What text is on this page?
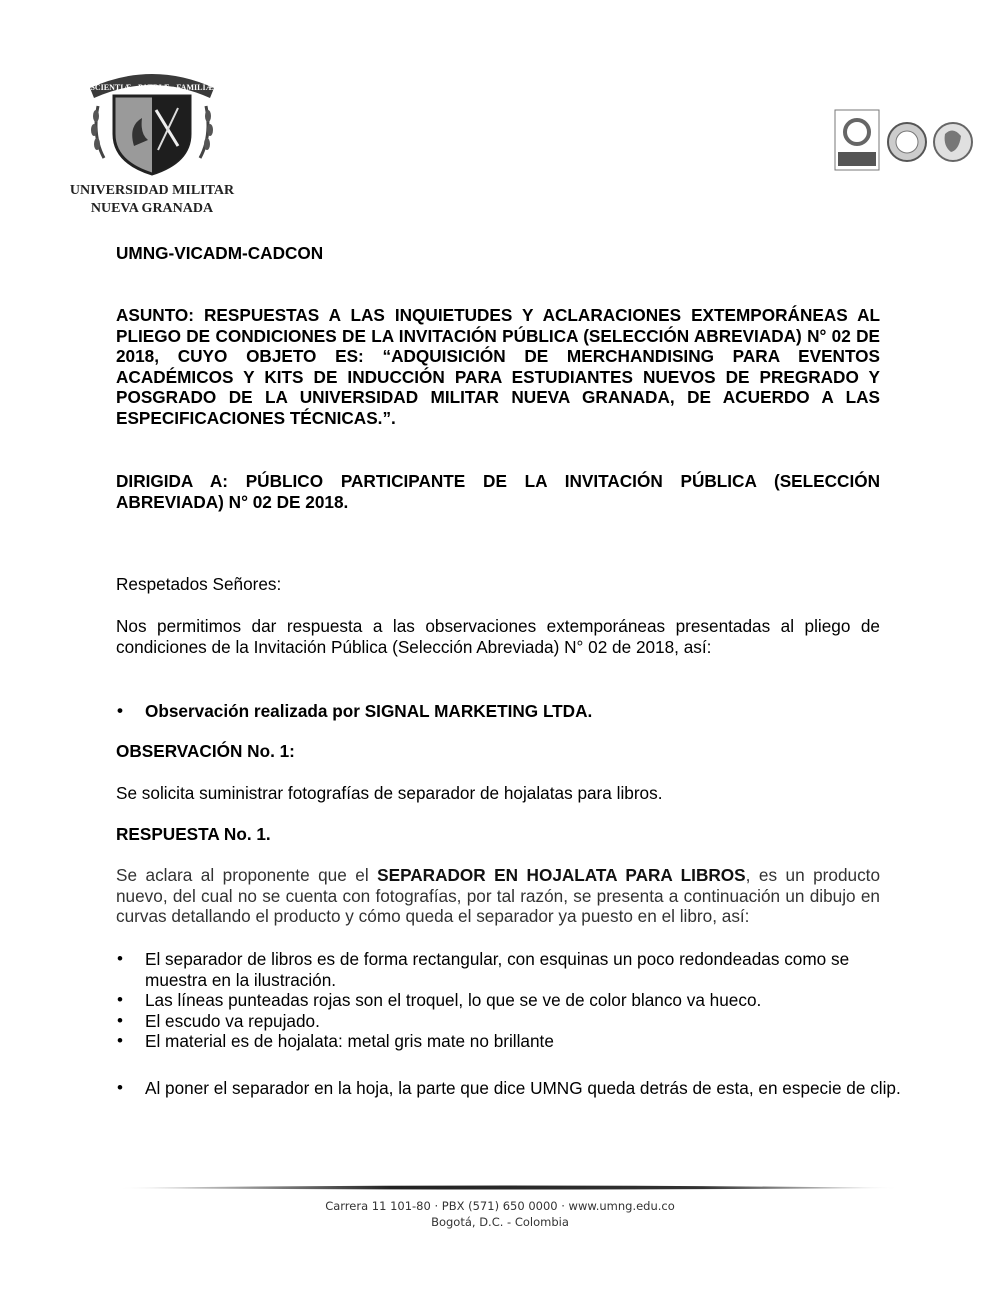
SCIENTIÆ · PATRIÆ · FAMILIÆ
UNIVERSIDAD MILITAR
NUEVA GRANADA
UMNG-VICADM-CADCON
ASUNTO: RESPUESTAS A LAS INQUIETUDES Y ACLARACIONES EXTEMPORÁNEAS AL PLIEGO DE CONDICIONES DE LA INVITACIÓN PÚBLICA (SELECCIÓN ABREVIADA) N° 02 DE 2018, CUYO OBJETO ES: “ADQUISICIÓN DE MERCHANDISING PARA EVENTOS ACADÉMICOS Y KITS DE INDUCCIÓN PARA ESTUDIANTES NUEVOS DE PREGRADO Y POSGRADO DE LA UNIVERSIDAD MILITAR NUEVA GRANADA, DE ACUERDO A LAS ESPECIFICACIONES TÉCNICAS.”.
DIRIGIDA A: PÚBLICO PARTICIPANTE DE LA INVITACIÓN PÚBLICA (SELECCIÓN ABREVIADA) N° 02 DE 2018.
Respetados Señores:
Nos permitimos dar respuesta a las observaciones extemporáneas presentadas al pliego de condiciones de la Invitación Pública (Selección Abreviada) N° 02 de 2018, así:
• Observación realizada por SIGNAL MARKETING LTDA.
OBSERVACIÓN No. 1:
Se solicita suministrar fotografías de separador de hojalatas para libros.
RESPUESTA No. 1.
Se aclara al proponente que el SEPARADOR EN HOJALATA PARA LIBROS, es un producto nuevo, del cual no se cuenta con fotografías, por tal razón, se presenta a continuación un dibujo en curvas detallando el producto y cómo queda el separador ya puesto en el libro, así:
• El separador de libros es de forma rectangular, con esquinas un poco redondeadas como se muestra en la ilustración.
• Las líneas punteadas rojas son el troquel, lo que se ve de color blanco va hueco.
• El escudo va repujado.
• El material es de hojalata: metal gris mate no brillante
• Al poner el separador en la hoja, la parte que dice UMNG queda detrás de esta, en especie de clip.
Carrera 11 101-80 · PBX (571) 650 0000 · www.umng.edu.co
Bogotá, D.C. - Colombia
